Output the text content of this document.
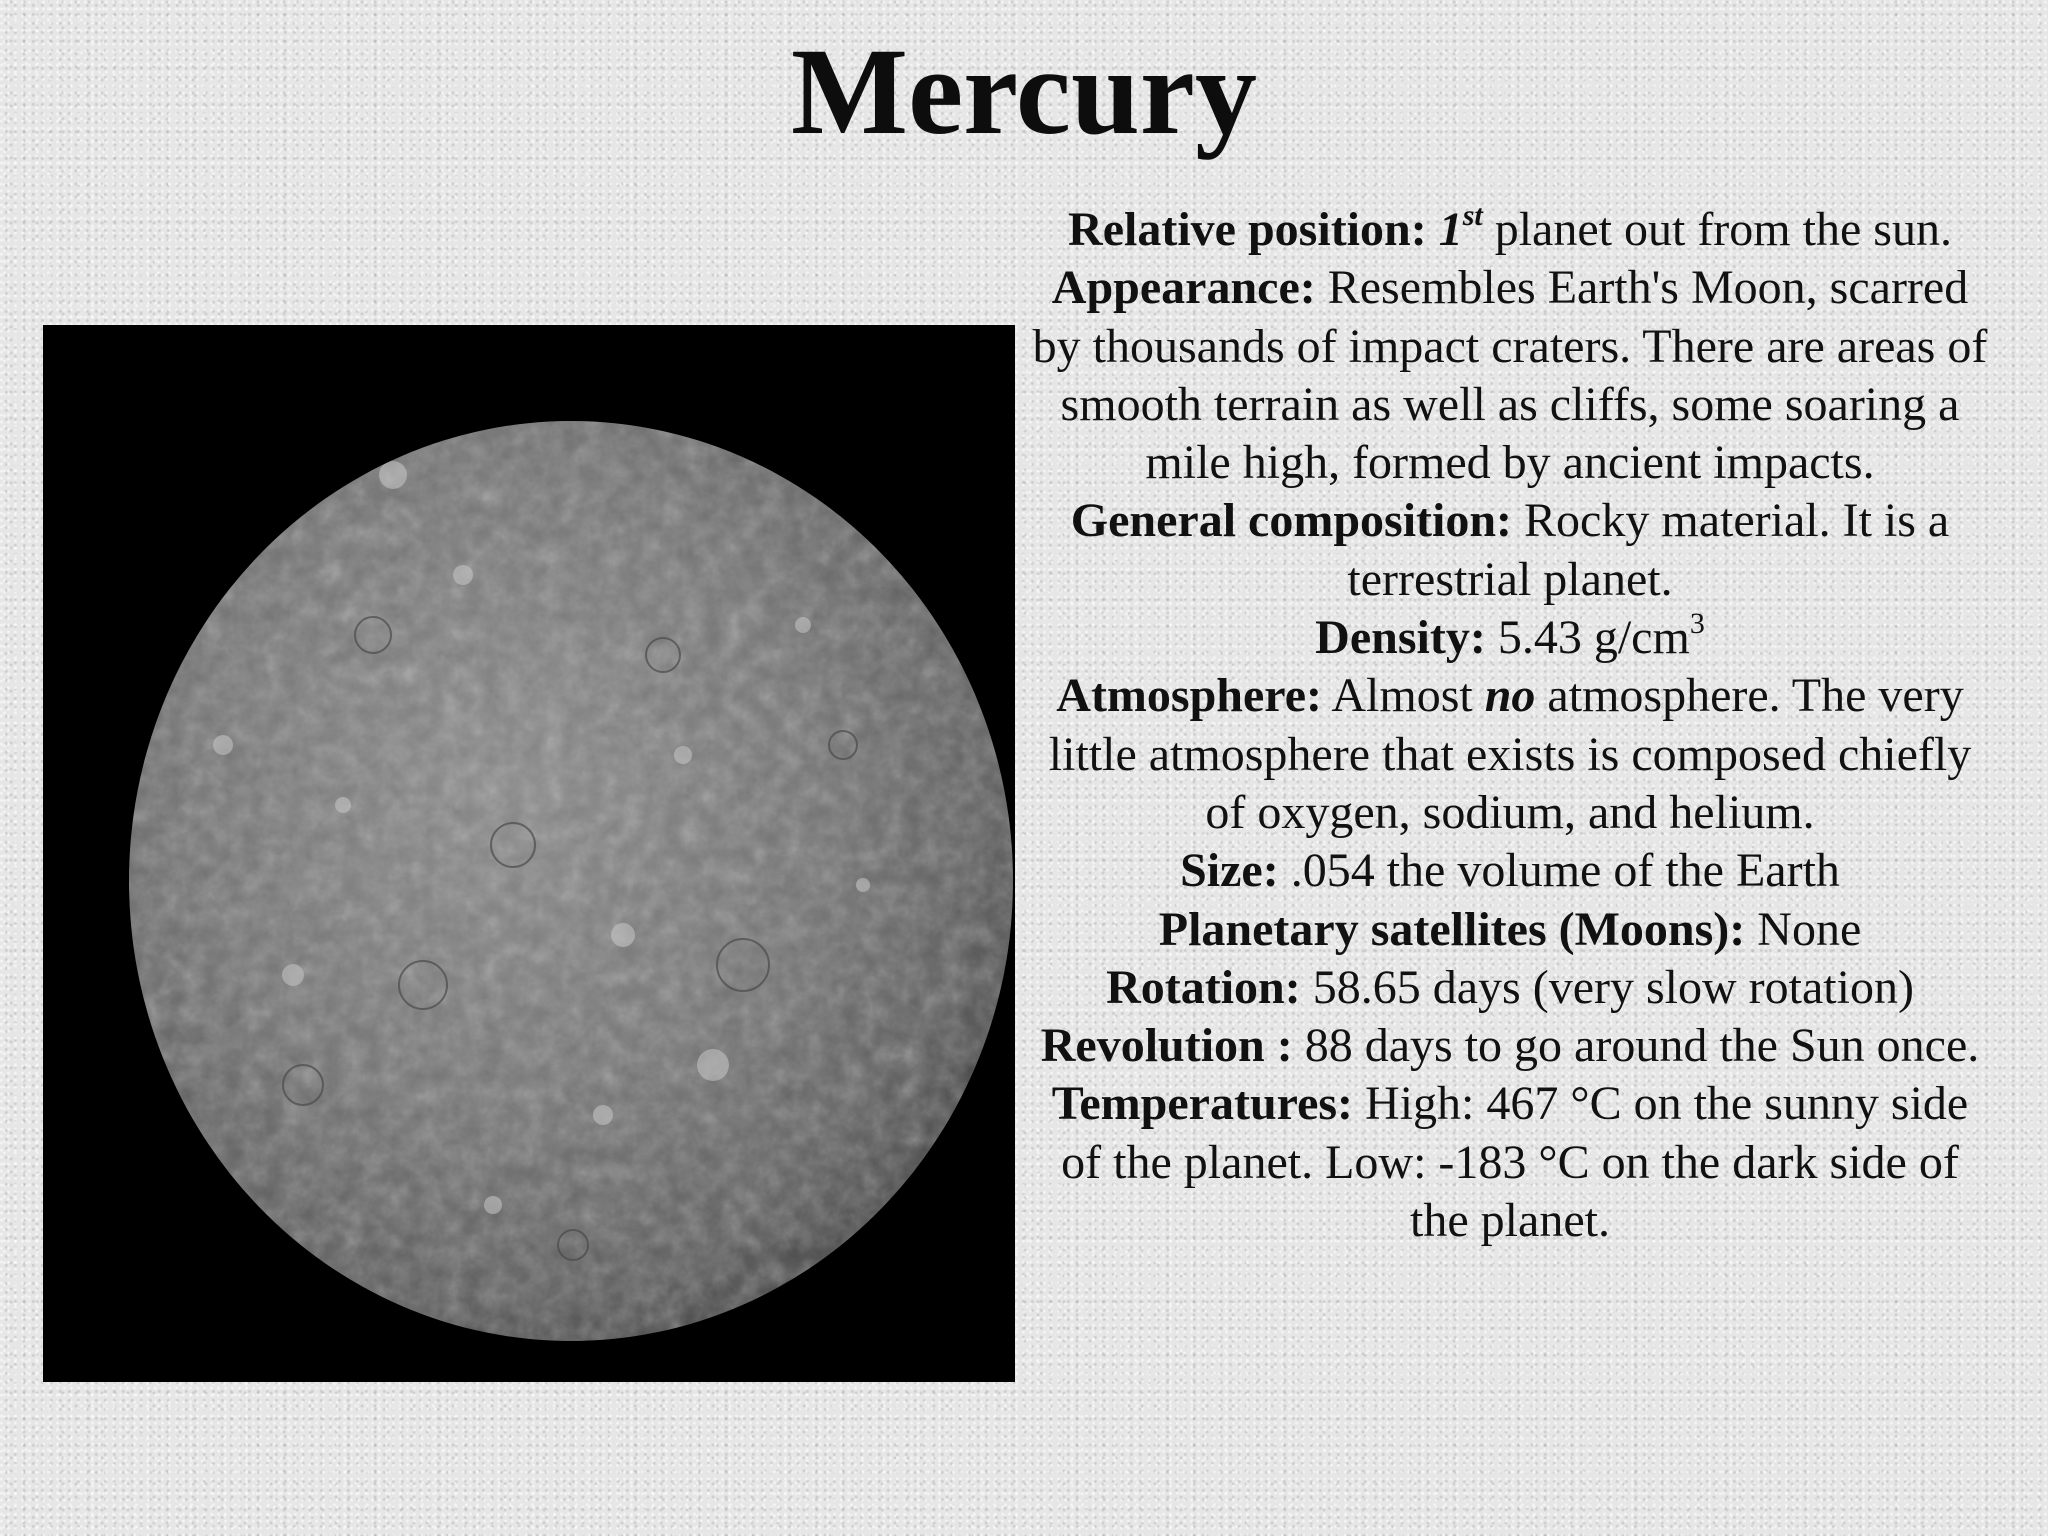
Mercury

Relative position: 1st planet out from the sun.

Appearance: Resembles Earth's Moon, scarred by thousands of impact craters. There are areas of smooth terrain as well as cliffs, some soaring a mile high, formed by ancient impacts.

General composition: Rocky material. It is a terrestrial planet.

Density: 5.43 $g/cm^3$

Atmosphere: Almost no atmosphere. The very little atmosphere that exists is composed chiefly of oxygen, sodium, and helium.

Size: .054 the volume of the Earth

Planetary satellites (Moons): None

Rotation: 58.65 days (very slow rotation)

Revolution : 88 days to go around the Sun once.

Temperatures: High: 467 °C on the sunny side of the planet. Low: -183 °C on the dark side of the planet.
